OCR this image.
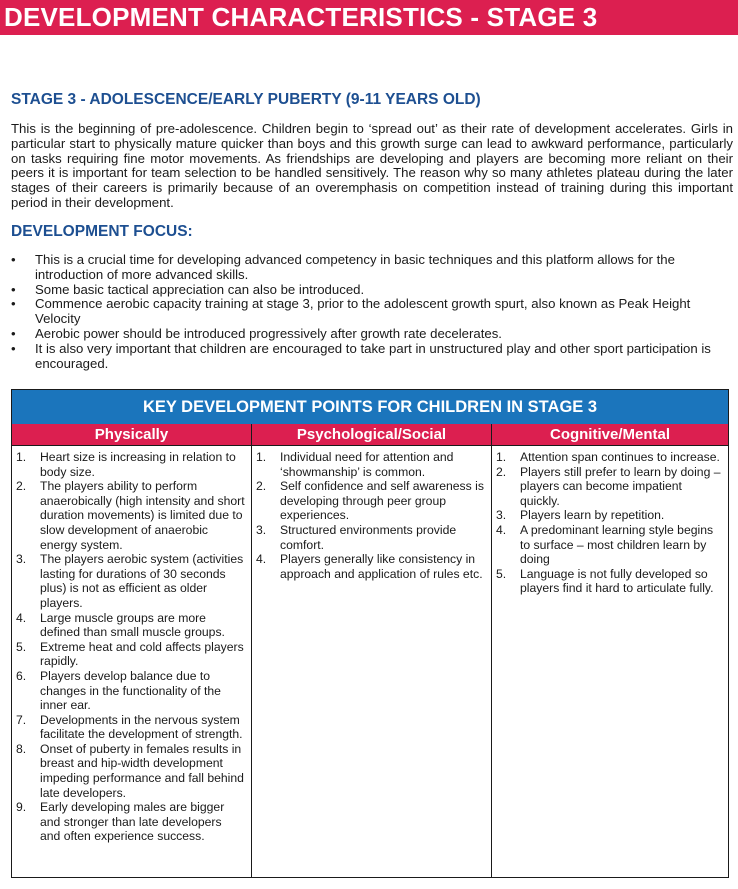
DEVELOPMENT CHARACTERISTICS - STAGE 3
STAGE 3 - ADOLESCENCE/EARLY PUBERTY (9-11 YEARS OLD)

This is the beginning of pre-adolescence. Children begin to ‘spread out’ as their rate of development accelerates. Girls in particular start to physically mature quicker than boys and this growth surge can lead to awkward performance, particularly on tasks requiring fine motor movements. As friendships are developing and players are becoming more reliant on their peers it is important for team selection to be handled sensitively. The reason why so many athletes plateau during the later stages of their careers is primarily because of an overemphasis on competition instead of training during this important period in their development.

DEVELOPMENT FOCUS:
• This is a crucial time for developing advanced competency in basic techniques and this platform allows for the introduction of more advanced skills.
• Some basic tactical appreciation can also be introduced.
• Commence aerobic capacity training at stage 3, prior to the adolescent growth spurt, also known as Peak Height Velocity
• Aerobic power should be introduced progressively after growth rate decelerates.
• It is also very important that children are encouraged to take part in unstructured play and other sport participation is encouraged.
KEY DEVELOPMENT POINTS FOR CHILDREN IN STAGE 3
Physically
1. Heart size is increasing in relation to body size.
2. The players ability to perform anaerobically (high intensity and short duration movements) is limited due to slow development of anaerobic energy system.
3. The players aerobic system (activities lasting for durations of 30 seconds plus) is not as efficient as older players.
4. Large muscle groups are more defined than small muscle groups.
5. Extreme heat and cold affects players rapidly.
6. Players develop balance due to changes in the functionality of the inner ear.
7. Developments in the nervous system facilitate the development of strength.
8. Onset of puberty in females results in breast and hip-width development impeding performance and fall behind late developers.
9. Early developing males are bigger and stronger than late developers and often experience success.
Psychological/Social
1. Individual need for attention and ‘showmanship’ is common.
2. Self confidence and self awareness is developing through peer group experiences.
3. Structured environments provide comfort.
4. Players generally like consistency in approach and application of rules etc.
Cognitive/Mental
1. Attention span continues to increase.
2. Players still prefer to learn by doing – players can become impatient quickly.
3. Players learn by repetition.
4. A predominant learning style begins to surface – most children learn by doing
5. Language is not fully developed so players find it hard to articulate fully.
